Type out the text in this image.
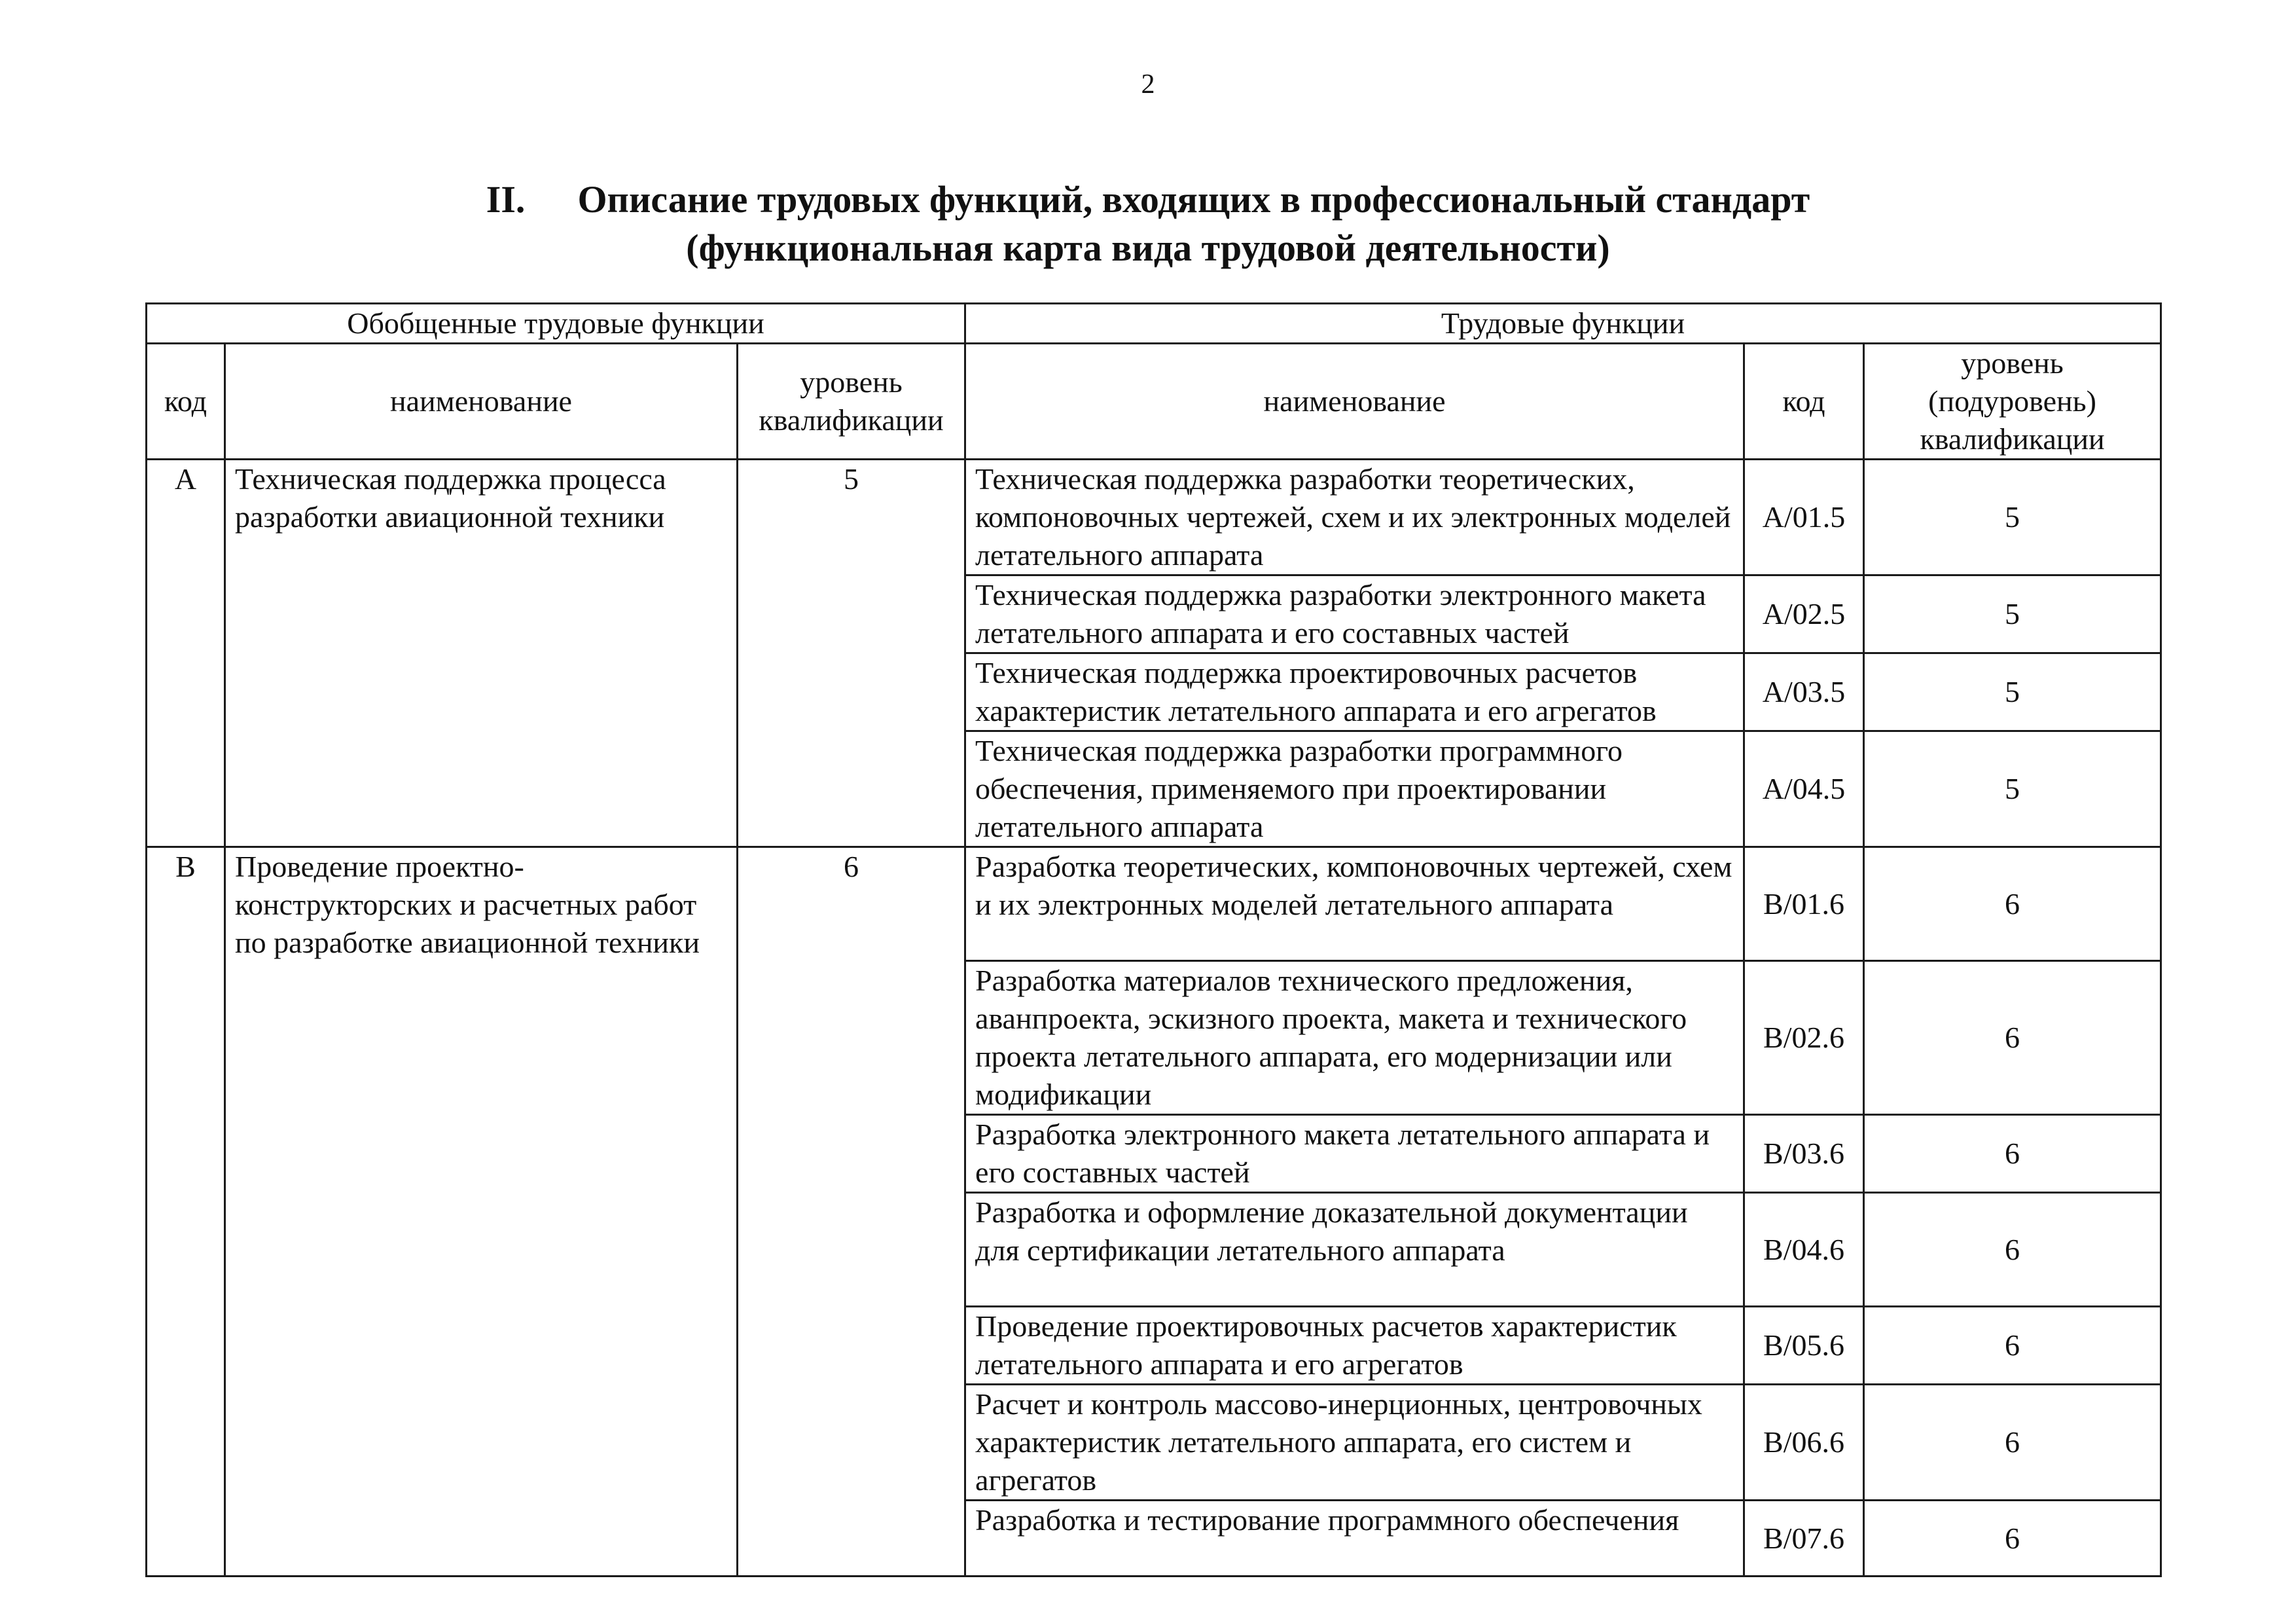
2
II. Описание трудовых функций, входящих в профессиональный стандарт
(функциональная карта вида трудовой деятельности)
Обобщенные трудовые функции			Трудовые функции		
код	наименование	уровень квалификации	наименование	код	уровень (подуровень) квалификации
A	Техническая поддержка процесса разработки авиационной техники	5	Техническая поддержка разработки теоретических, компоновочных чертежей, схем и их электронных моделей летательного аппарата	A/01.5	5
			Техническая поддержка разработки электронного макета летательного аппарата и его составных частей	A/02.5	5
			Техническая поддержка проектировочных расчетов характеристик летательного аппарата и его агрегатов	A/03.5	5
			Техническая поддержка разработки программного обеспечения, применяемого при проектировании летательного аппарата	A/04.5	5
B	Проведение проектно-конструкторских и расчетных работ по разработке авиационной техники	6	Разработка теоретических, компоновочных чертежей, схем и их электронных моделей летательного аппарата	B/01.6	6
			Разработка материалов технического предложения, аванпроекта, эскизного проекта, макета и технического проекта летательного аппарата, его модернизации или модификации	B/02.6	6
			Разработка электронного макета летательного аппарата и его составных частей	B/03.6	6
			Разработка и оформление доказательной документации для сертификации летательного аппарата	B/04.6	6
			Проведение проектировочных расчетов характеристик летательного аппарата и его агрегатов	B/05.6	6
			Расчет и контроль массово-инерционных, центровочных характеристик летательного аппарата, его систем и агрегатов	B/06.6	6
			Разработка и тестирование программного обеспечения	B/07.6	6
